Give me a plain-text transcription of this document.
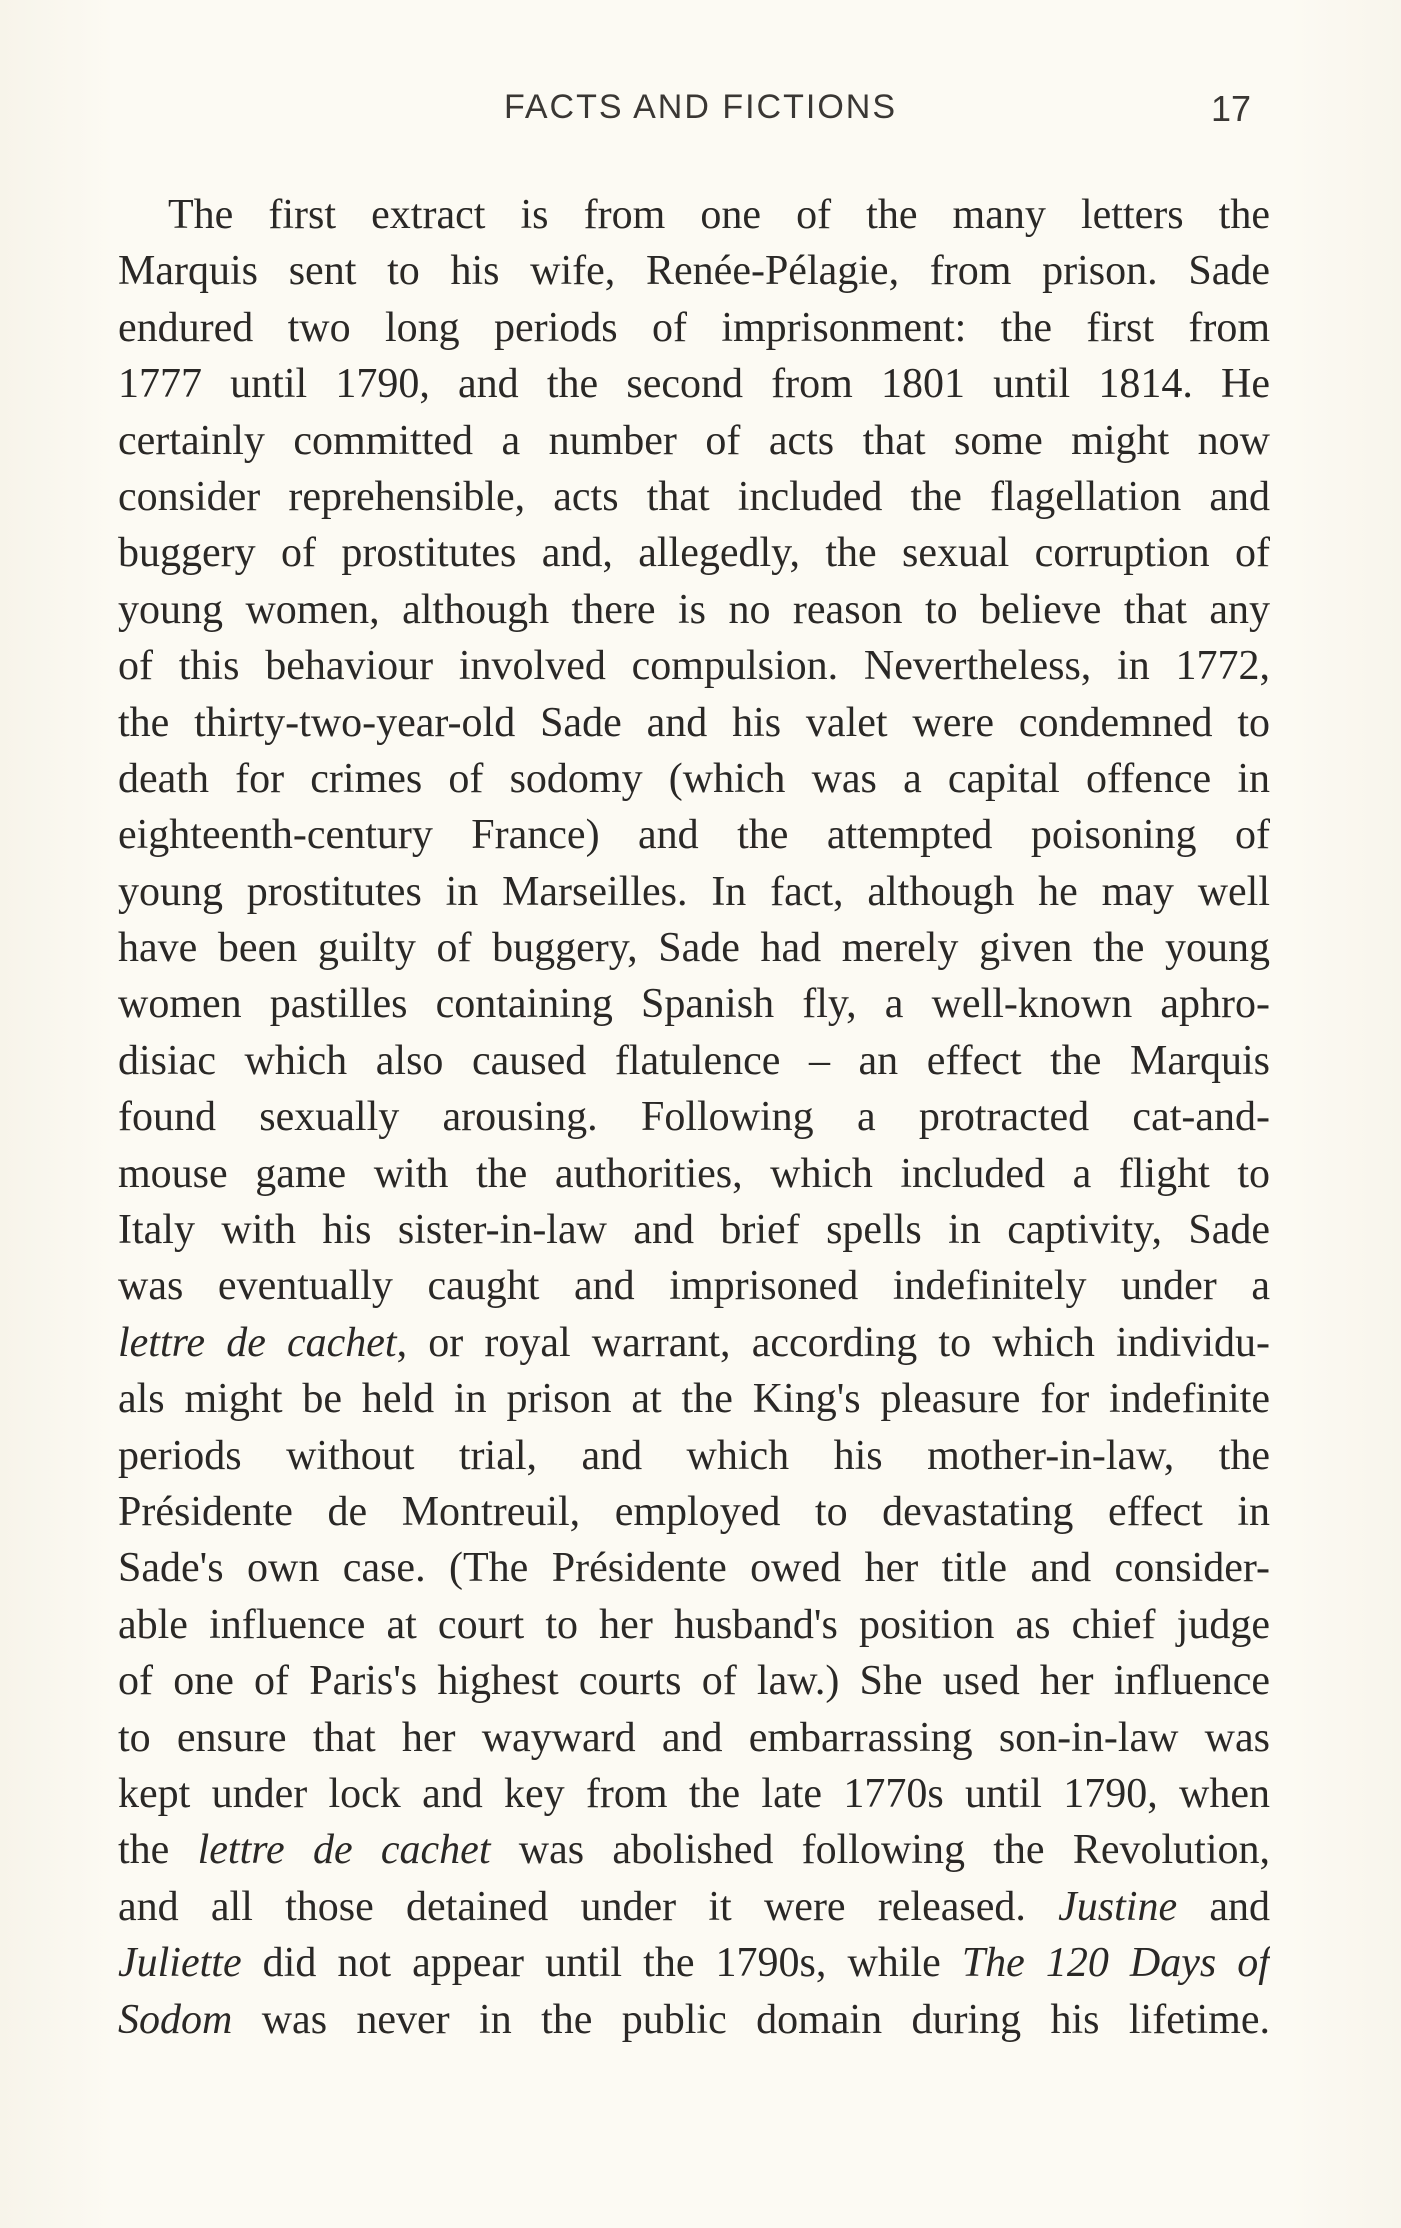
FACTS AND FICTIONS	17
The first extract is from one of the many letters the
Marquis sent to his wife, Renée-Pélagie, from prison. Sade
endured two long periods of imprisonment: the first from
1777 until 1790, and the second from 1801 until 1814. He
certainly committed a number of acts that some might now
consider reprehensible, acts that included the flagellation and
buggery of prostitutes and, allegedly, the sexual corruption of
young women, although there is no reason to believe that any
of this behaviour involved compulsion. Nevertheless, in 1772,
the thirty-two-year-old Sade and his valet were condemned to
death for crimes of sodomy (which was a capital offence in
eighteenth-century France) and the attempted poisoning of
young prostitutes in Marseilles. In fact, although he may well
have been guilty of buggery, Sade had merely given the young
women pastilles containing Spanish fly, a well-known aphro-
disiac which also caused flatulence – an effect the Marquis
found sexually arousing. Following a protracted cat-and-
mouse game with the authorities, which included a flight to
Italy with his sister-in-law and brief spells in captivity, Sade
was eventually caught and imprisoned indefinitely under a
lettre de cachet, or royal warrant, according to which individu-
als might be held in prison at the King's pleasure for indefinite
periods without trial, and which his mother-in-law, the
Présidente de Montreuil, employed to devastating effect in
Sade's own case. (The Présidente owed her title and consider-
able influence at court to her husband's position as chief judge
of one of Paris's highest courts of law.) She used her influence
to ensure that her wayward and embarrassing son-in-law was
kept under lock and key from the late 1770s until 1790, when
the lettre de cachet was abolished following the Revolution,
and all those detained under it were released. Justine and
Juliette did not appear until the 1790s, while The 120 Days of
Sodom was never in the public domain during his lifetime.
